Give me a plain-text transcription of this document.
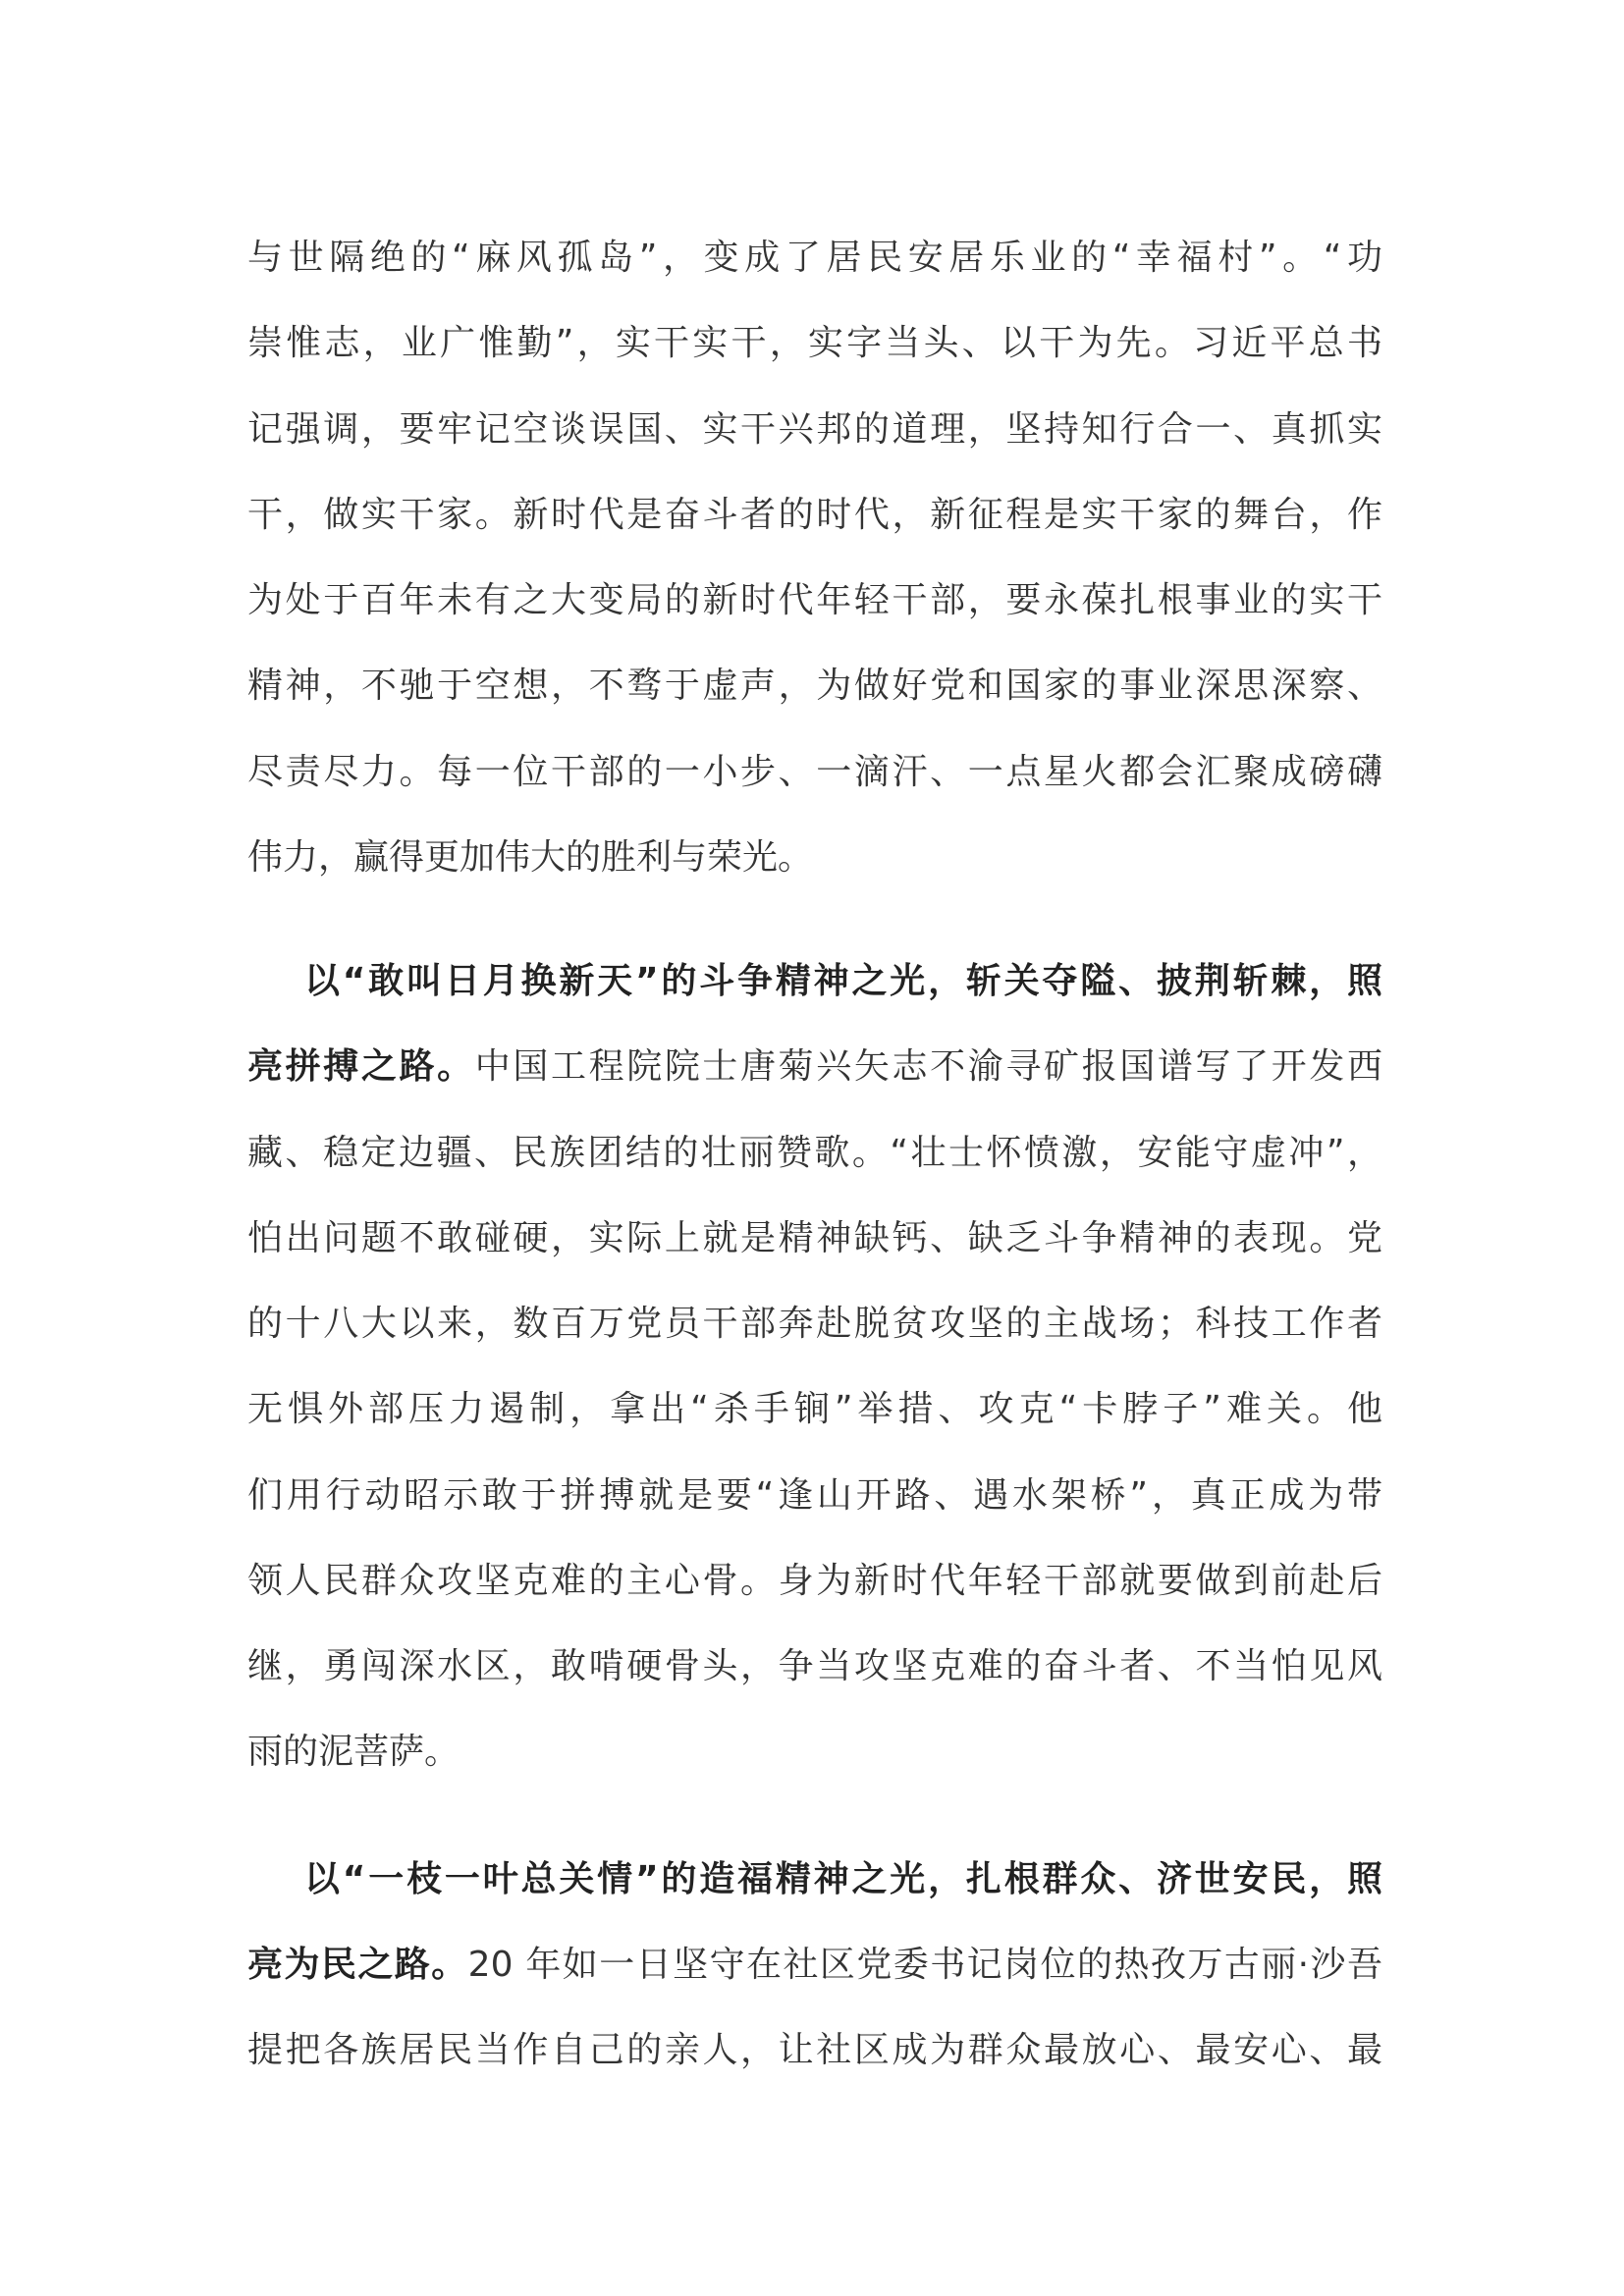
与世隔绝的“麻风孤岛”，变成了居民安居乐业的“幸福村”。“功
崇惟志，业广惟勤”，实干实干，实字当头、以干为先。习近平总书
记强调，要牢记空谈误国、实干兴邦的道理，坚持知行合一、真抓实
干，做实干家。新时代是奋斗者的时代，新征程是实干家的舞台，作
为处于百年未有之大变局的新时代年轻干部，要永葆扎根事业的实干
精神，不驰于空想，不骛于虚声，为做好党和国家的事业深思深察、
尽责尽力。每一位干部的一小步、一滴汗、一点星火都会汇聚成磅礴
伟力，赢得更加伟大的胜利与荣光。
以“敢叫日月换新天”的斗争精神之光，斩关夺隘、披荆斩棘，照
亮拼搏之路。中国工程院院士唐菊兴矢志不渝寻矿报国谱写了开发西
藏、稳定边疆、民族团结的壮丽赞歌。“壮士怀愤激，安能守虚冲”，
怕出问题不敢碰硬，实际上就是精神缺钙、缺乏斗争精神的表现。党
的十八大以来，数百万党员干部奔赴脱贫攻坚的主战场；科技工作者
无惧外部压力遏制，拿出“杀手锏”举措、攻克“卡脖子”难关。他
们用行动昭示敢于拼搏就是要“逢山开路、遇水架桥”，真正成为带
领人民群众攻坚克难的主心骨。身为新时代年轻干部就要做到前赴后
继，勇闯深水区，敢啃硬骨头，争当攻坚克难的奋斗者、不当怕见风
雨的泥菩萨。
以“一枝一叶总关情”的造福精神之光，扎根群众、济世安民，照
亮为民之路。20 年如一日坚守在社区党委书记岗位的热孜万古丽·沙吾
提把各族居民当作自己的亲人，让社区成为群众最放心、最安心、最
